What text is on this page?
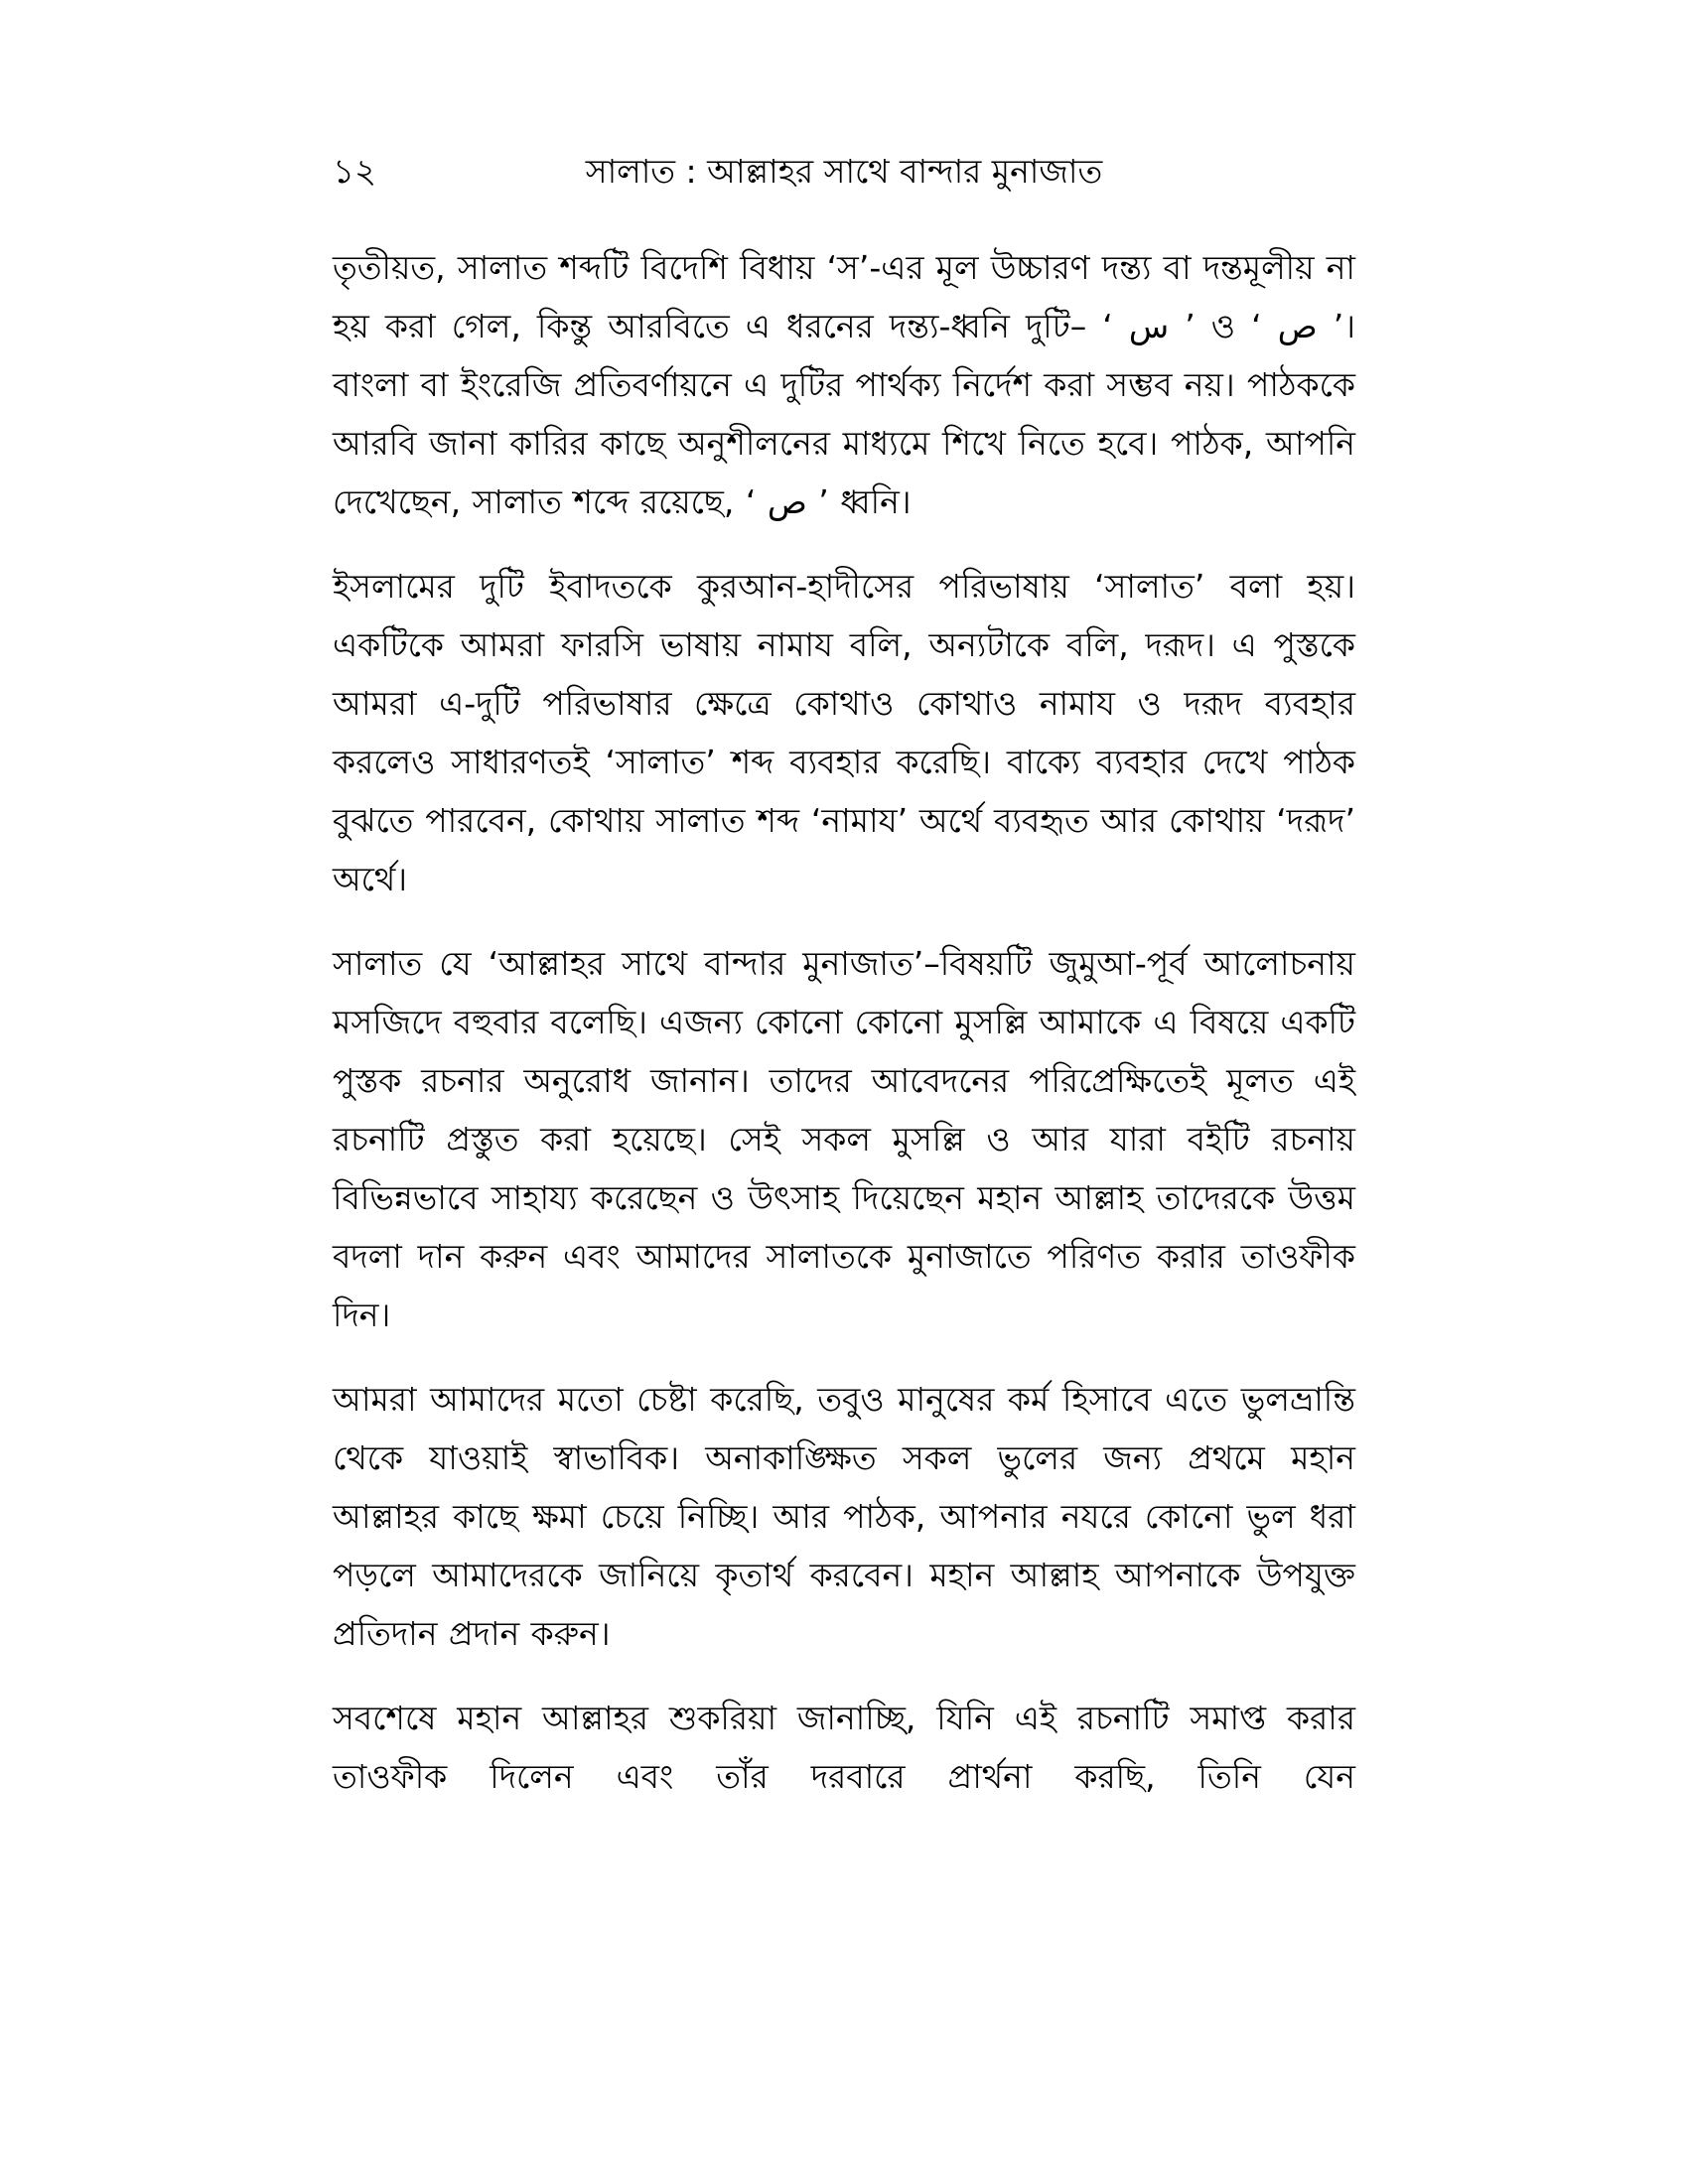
১২	সালাত : আল্লাহর সাথে বান্দার মুনাজাত

তৃতীয়ত, সালাত শব্দটি বিদেশি বিধায় ‘স’-এর মূল উচ্চারণ দন্ত্য বা দন্তমূলীয় না হয় করা গেল, কিন্তু আরবিতে এ ধরনের দন্ত্য-ধ্বনি দুটি– ‘ س ’ ও ‘ ص ’। বাংলা বা ইংরেজি প্রতিবর্ণায়নে এ দুটির পার্থক্য নির্দেশ করা সম্ভব নয়। পাঠককে আরবি জানা কারির কাছে অনুশীলনের মাধ্যমে শিখে নিতে হবে। পাঠক, আপনি দেখেছেন, সালাত শব্দে রয়েছে, ‘ ص ’ ধ্বনি।

ইসলামের দুটি ইবাদতকে কুরআন-হাদীসের পরিভাষায় ‘সালাত’ বলা হয়। একটিকে আমরা ফারসি ভাষায় নামায বলি, অন্যটাকে বলি, দরূদ। এ পুস্তকে আমরা এ-দুটি পরিভাষার ক্ষেত্রে কোথাও কোথাও নামায ও দরূদ ব্যবহার করলেও সাধারণতই ‘সালাত’ শব্দ ব্যবহার করেছি। বাক্যে ব্যবহার দেখে পাঠক বুঝতে পারবেন, কোথায় সালাত শব্দ ‘নামায’ অর্থে ব্যবহৃত আর কোথায় ‘দরূদ’ অর্থে।

সালাত যে ‘আল্লাহর সাথে বান্দার মুনাজাত’–বিষয়টি জুমুআ-পূর্ব আলোচনায় মসজিদে বহুবার বলেছি। এজন্য কোনো কোনো মুসল্লি আমাকে এ বিষয়ে একটি পুস্তক রচনার অনুরোধ জানান। তাদের আবেদনের পরিপ্রেক্ষিতেই মূলত এই রচনাটি প্রস্তুত করা হয়েছে। সেই সকল মুসল্লি ও আর যারা বইটি রচনায় বিভিন্নভাবে সাহায্য করেছেন ও উৎসাহ দিয়েছেন মহান আল্লাহ তাদেরকে উত্তম বদলা দান করুন এবং আমাদের সালাতকে মুনাজাতে পরিণত করার তাওফীক দিন।

আমরা আমাদের মতো চেষ্টা করেছি, তবুও মানুষের কর্ম হিসাবে এতে ভুলভ্রান্তি থেকে যাওয়াই স্বাভাবিক। অনাকাঙ্ক্ষিত সকল ভুলের জন্য প্রথমে মহান আল্লাহর কাছে ক্ষমা চেয়ে নিচ্ছি। আর পাঠক, আপনার নযরে কোনো ভুল ধরা পড়লে আমাদেরকে জানিয়ে কৃতার্থ করবেন। মহান আল্লাহ আপনাকে উপযুক্ত প্রতিদান প্রদান করুন।

সবশেষে মহান আল্লাহর শুকরিয়া জানাচ্ছি, যিনি এই রচনাটি সমাপ্ত করার তাওফীক দিলেন এবং তাঁর দরবারে প্রার্থনা করছি, তিনি যেন
